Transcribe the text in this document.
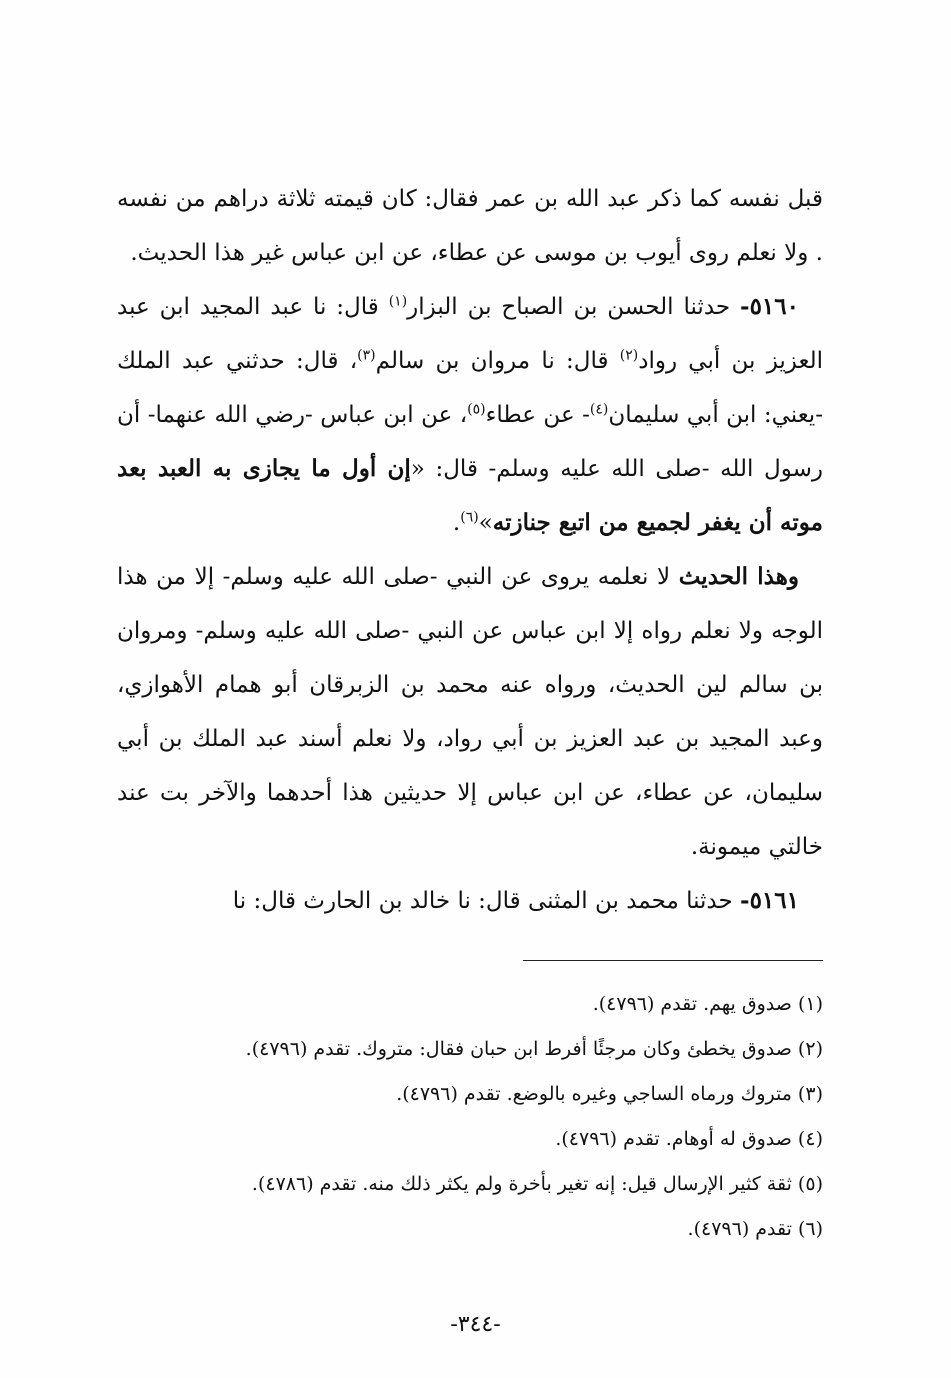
قبل نفسه كما ذكر عبد الله بن عمر فقال: كان قيمته ثلاثة دراهم من نفسه . ولا نعلم روى أيوب بن موسى عن عطاء، عن ابن عباس غير هذا الحديث.

٥١٦٠- حدثنا الحسن بن الصباح بن البزار$^{(١)}$ قال: نا عبد المجيد ابن عبد العزيز بن أبي رواد$^{(٢)}$ قال: نا مروان بن سالم$^{(٣)}$، قال: حدثني عبد الملك -يعني: ابن أبي سليمان$^{(٤)}$- عن عطاء$^{(٥)}$، عن ابن عباس -رضي الله عنهما- أن رسول الله -صلى الله عليه وسلم- قال: «إن أول ما يجازى به العبد بعد موته أن يغفر لجميع من اتبع جنازته»$^{(٦)}$.

وهذا الحديث لا نعلمه يروى عن النبي -صلى الله عليه وسلم- إلا من هذا الوجه ولا نعلم رواه إلا ابن عباس عن النبي -صلى الله عليه وسلم- ومروان بن سالم لين الحديث، ورواه عنه محمد بن الزبرقان أبو همام الأهوازي، وعبد المجيد بن عبد العزيز بن أبي رواد، ولا نعلم أسند عبد الملك بن أبي سليمان، عن عطاء، عن ابن عباس إلا حديثين هذا أحدهما والآخر بت عند خالتي ميمونة.

٥١٦١- حدثنا محمد بن المثنى قال: نا خالد بن الحارث قال: نا

(١) صدوق يهم. تقدم (٤٧٩٦).

(٢) صدوق يخطئ وكان مرجئًا أفرط ابن حبان فقال: متروك. تقدم (٤٧٩٦).

(٣) متروك ورماه الساجي وغيره بالوضع. تقدم (٤٧٩٦).

(٤) صدوق له أوهام. تقدم (٤٧٩٦).

(٥) ثقة كثير الإرسال قيل: إنه تغير بأخرة ولم يكثر ذلك منه. تقدم (٤٧٨٦).

(٦) تقدم (٤٧٩٦).

-٣٤٤-
